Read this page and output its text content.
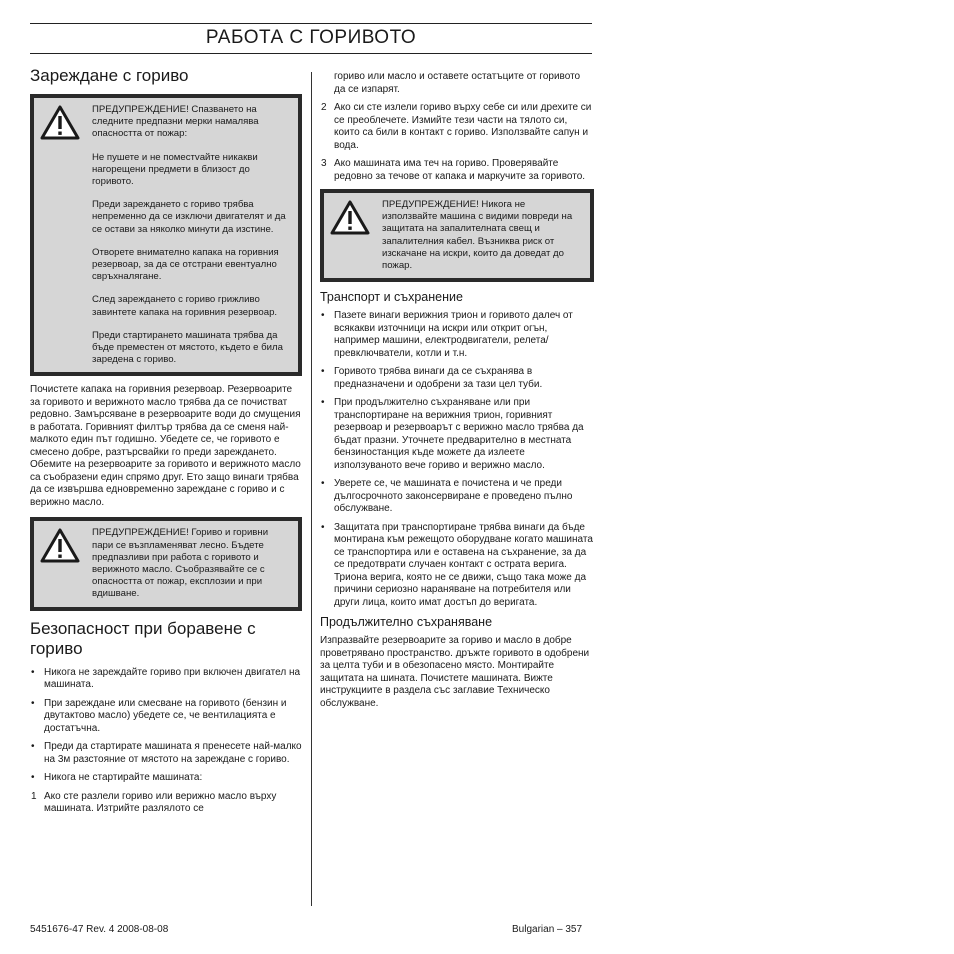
РАБОТА С ГОРИВОТО
Зареждане с гориво

ПРЕДУПРЕЖДЕНИЕ! Спазването на следните предпазни мерки намалява опасността от пожар:

Не пушете и не поместvайте никакви нагорещени предмети в близост до горивото.

Преди зареждането с гориво трябва непременно да се изключи двигателят и да се остави за няколко минути да изстине.

Отворете внимателно капака на горивния резервоар, за да се отстрани евентуално свръхналягане.

След зареждането с гориво грижливо завинтете капака на горивния резервоар.

Преди стартирането машината трябва да бъде преместен от мястото, където е била заредена с гориво.

Почистете капака на горивния резервоар. Резервоарите за горивото и верижното масло трябва да се почистват редовно. Замърсяване в резервоарите води до смущения в работата. Горивният филтър трябва да се сменя най-малкото един път годишно. Убедете се, че горивото е смесено добре, разтърсвайки го преди зареждането. Обемите на резервоарите за горивото и верижното масло са съобразени един спрямо друг. Ето защо винаги трябва да се извършва едновременно зареждане с гориво и с верижно масло.

ПРЕДУПРЕЖДЕНИЕ! Гориво и горивни пари се възпламеняват лесно. Бъдете предпазливи при работа с горивото и верижното масло. Съобразявайте се с опасността от пожар, експлозии и при вдишване.

Безопасност при боравене с гориво
• Никога не зареждайте гориво при включен двигател на машината.
• При зареждане или смесване на горивото (бензин и двутактово масло) убедете се, че вентилацията е достатъчна.
• Преди да стартирате машината я пренесете най-малко на 3м разстояние от мястото на зареждане с гориво.
• Никога не стартирайте машината:
1 Ако сте разлели гориво или верижно масло върху машината. Изтрийте разлялото се

гориво или масло и оставете остатъците от горивото да се изпарят.

2 Ако си сте излели гориво върху себе си или дрехите си се преоблечете. Измийте тези части на тялото си, които са били в контакт с гориво. Използвайте сапун и вода.
3 Ако машината има теч на гориво. Проверявайте редовно за течове от капака и маркучите за горивото.

ПРЕДУПРЕЖДЕНИЕ! Никога не използвайте машина с видими повреди на защитата на запалителната свещ и запалителния кабел. Възниква риск от изскачане на искри, които да доведат до пожар.

Транспорт и съхранение
• Пазете винаги верижния трион и горивото далеч от всякакви източници на искри или открит огън, например машини, електродвигатели, релета/превключватели, котли и т.н.
• Горивото трябва винаги да се съхранява в предназначени и одобрени за тази цел туби.
• При продължително съхраняване или при транспортиране на верижния трион, горивният резервоар и резервоарът с верижно масло трябва да бъдат празни. Уточнете предварително в местната бензиностанция къде можете да излеете използуваното вече гориво и верижно масло.
• Уверете се, че машината е почистена и че преди дългосрочното законсервиране е проведено пълно обслужване.
• Защитата при транспортиране трябва винаги да бъде монтирана към режещото оборудване когато машината се транспортира или е оставена на съхранение, за да се предотврати случаен контакт с острата верига. Триона верига, която не се движи, също така може да причини сериозно нараняване на потребителя или други лица, които имат достъп до веригата.
Продължително съхраняване

Изпразвайте резервоарите за гориво и масло в добре проветрявано пространство. дръжте горивото в одобрени за целта туби и в обезопасено място. Монтирайте защитата на шината. Почистете машината. Вижте инструкциите в раздела със заглавие Техническо обслужване.

5451676-47 Rev. 4 2008-08-08	Bulgarian – 357
